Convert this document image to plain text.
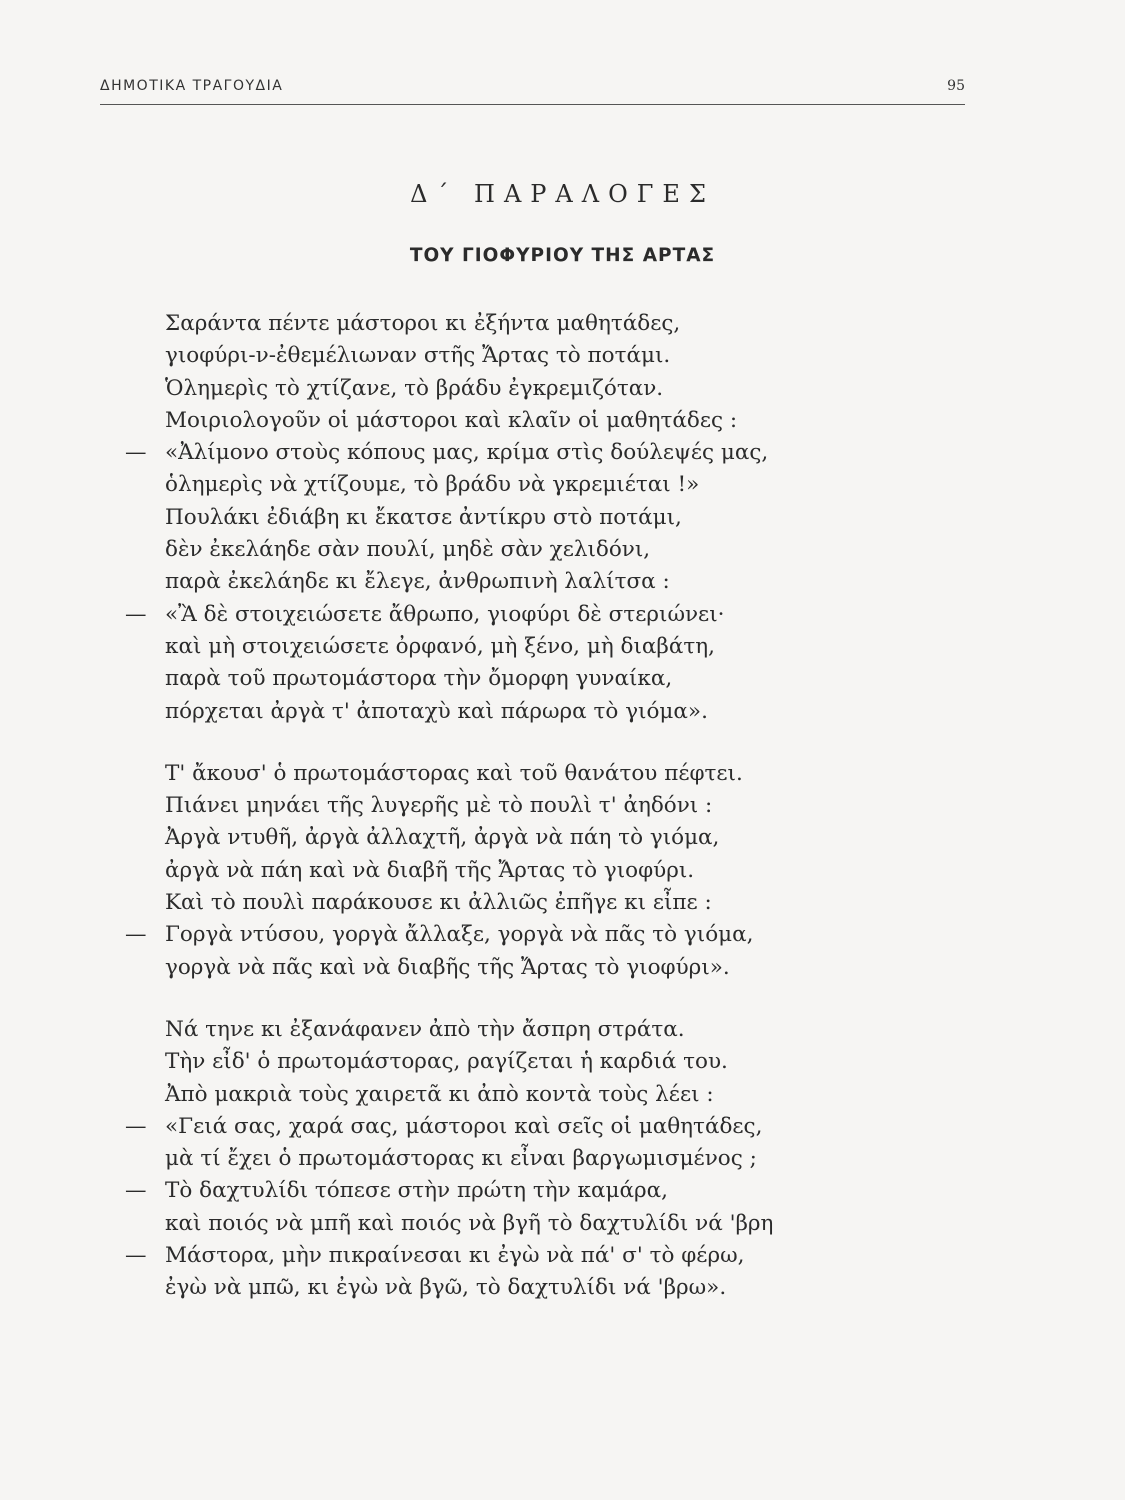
ΔΗΜΟΤΙΚΑ ΤΡΑΓΟΥΔΙΑ	95
Δ΄ ΠΑΡΑΛΟΓΕΣ
ΤΟΥ ΓΙΟΦΥΡΙΟΥ ΤΗΣ ΑΡΤΑΣ
Σαράντα πέντε μάστοροι κι ἐξήντα μαθητάδες,
γιοφύρι-ν-ἐθεμέλιωναν στῆς Ἄρτας τὸ ποτάμι.
Ὁλημερὶς τὸ χτίζανε, τὸ βράδυ ἐγκρεμιζόταν.
Μοιριολογοῦν οἱ μάστοροι καὶ κλαῖν οἱ μαθητάδες :
— «Ἀλίμονο στοὺς κόπους μας, κρίμα στὶς δούλεψές μας,
ὁλημερὶς νὰ χτίζουμε, τὸ βράδυ νὰ γκρεμιέται !»
Πουλάκι ἐδιάβη κι ἔκατσε ἀντίκρυ στὸ ποτάμι,
δὲν ἐκελάηδε σὰν πουλί, μηδὲ σὰν χελιδόνι,
παρὰ ἐκελάηδε κι ἔλεγε, ἀνθρωπινὴ λαλίτσα :
— «Ἂ δὲ στοιχειώσετε ἄθρωπο, γιοφύρι δὲ στεριώνει·
καὶ μὴ στοιχειώσετε ὀρφανό, μὴ ξένο, μὴ διαβάτη,
παρὰ τοῦ πρωτομάστορα τὴν ὄμορφη γυναίκα,
πόρχεται ἀργὰ τ' ἀποταχὺ καὶ πάρωρα τὸ γιόμα».
Τ' ἄκουσ' ὁ πρωτομάστορας καὶ τοῦ θανάτου πέφτει.
Πιάνει μηνάει τῆς λυγερῆς μὲ τὸ πουλὶ τ' ἀηδόνι :
Ἀργὰ ντυθῆ, ἀργὰ ἀλλαχτῆ, ἀργὰ νὰ πάη τὸ γιόμα,
ἀργὰ νὰ πάη καὶ νὰ διαβῆ τῆς Ἄρτας τὸ γιοφύρι.
Καὶ τὸ πουλὶ παράκουσε κι ἀλλιῶς ἐπῆγε κι εἶπε :
— Γοργὰ ντύσου, γοργὰ ἄλλαξε, γοργὰ νὰ πᾶς τὸ γιόμα,
γοργὰ νὰ πᾶς καὶ νὰ διαβῆς τῆς Ἄρτας τὸ γιοφύρι».
Νά τηνε κι ἐξανάφανεν ἀπὸ τὴν ἄσπρη στράτα.
Τὴν εἶδ' ὁ πρωτομάστορας, ραγίζεται ἡ καρδιά του.
Ἀπὸ μακριὰ τοὺς χαιρετᾶ κι ἀπὸ κοντὰ τοὺς λέει :
— «Γειά σας, χαρά σας, μάστοροι καὶ σεῖς οἱ μαθητάδες,
μὰ τί ἔχει ὁ πρωτομάστορας κι εἶναι βαργωμισμένος ;
— Τὸ δαχτυλίδι τόπεσε στὴν πρώτη τὴν καμάρα,
καὶ ποιός νὰ μπῆ καὶ ποιός νὰ βγῆ τὸ δαχτυλίδι νά 'βρη
— Μάστορα, μὴν πικραίνεσαι κι ἐγὼ νὰ πά' σ' τὸ φέρω,
ἐγὼ νὰ μπῶ, κι ἐγὼ νὰ βγῶ, τὸ δαχτυλίδι νά 'βρω».
